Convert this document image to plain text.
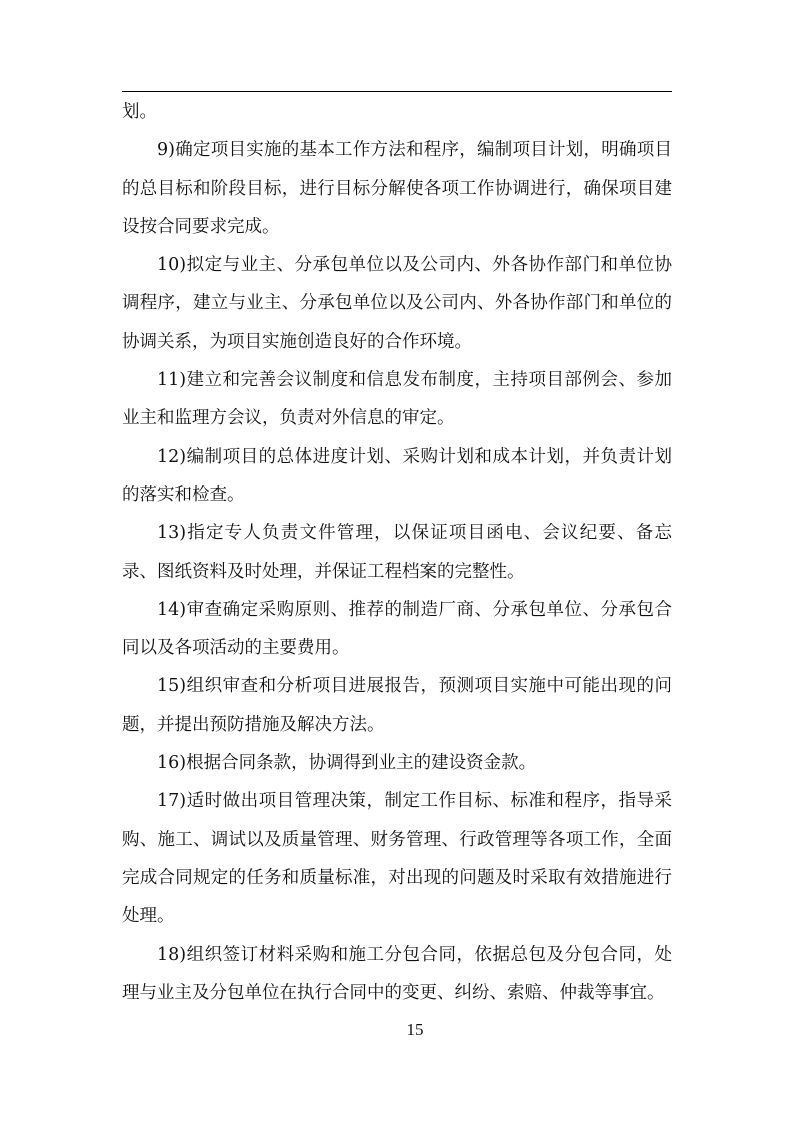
划。

9)确定项目实施的基本工作方法和程序，编制项目计划，明确项目的总目标和阶段目标，进行目标分解使各项工作协调进行，确保项目建设按合同要求完成。

10)拟定与业主、分承包单位以及公司内、外各协作部门和单位协调程序，建立与业主、分承包单位以及公司内、外各协作部门和单位的协调关系，为项目实施创造良好的合作环境。

11)建立和完善会议制度和信息发布制度，主持项目部例会、参加业主和监理方会议，负责对外信息的审定。

12)编制项目的总体进度计划、采购计划和成本计划，并负责计划的落实和检查。

13)指定专人负责文件管理，以保证项目函电、会议纪要、备忘录、图纸资料及时处理，并保证工程档案的完整性。

14)审查确定采购原则、推荐的制造厂商、分承包单位、分承包合同以及各项活动的主要费用。

15)组织审查和分析项目进展报告，预测项目实施中可能出现的问题，并提出预防措施及解决方法。

16)根据合同条款，协调得到业主的建设资金款。

17)适时做出项目管理决策，制定工作目标、标准和程序，指导采购、施工、调试以及质量管理、财务管理、行政管理等各项工作，全面完成合同规定的任务和质量标准，对出现的问题及时采取有效措施进行处理。

18)组织签订材料采购和施工分包合同，依据总包及分包合同，处理与业主及分包单位在执行合同中的变更、纠纷、索赔、仲裁等事宜。

15
